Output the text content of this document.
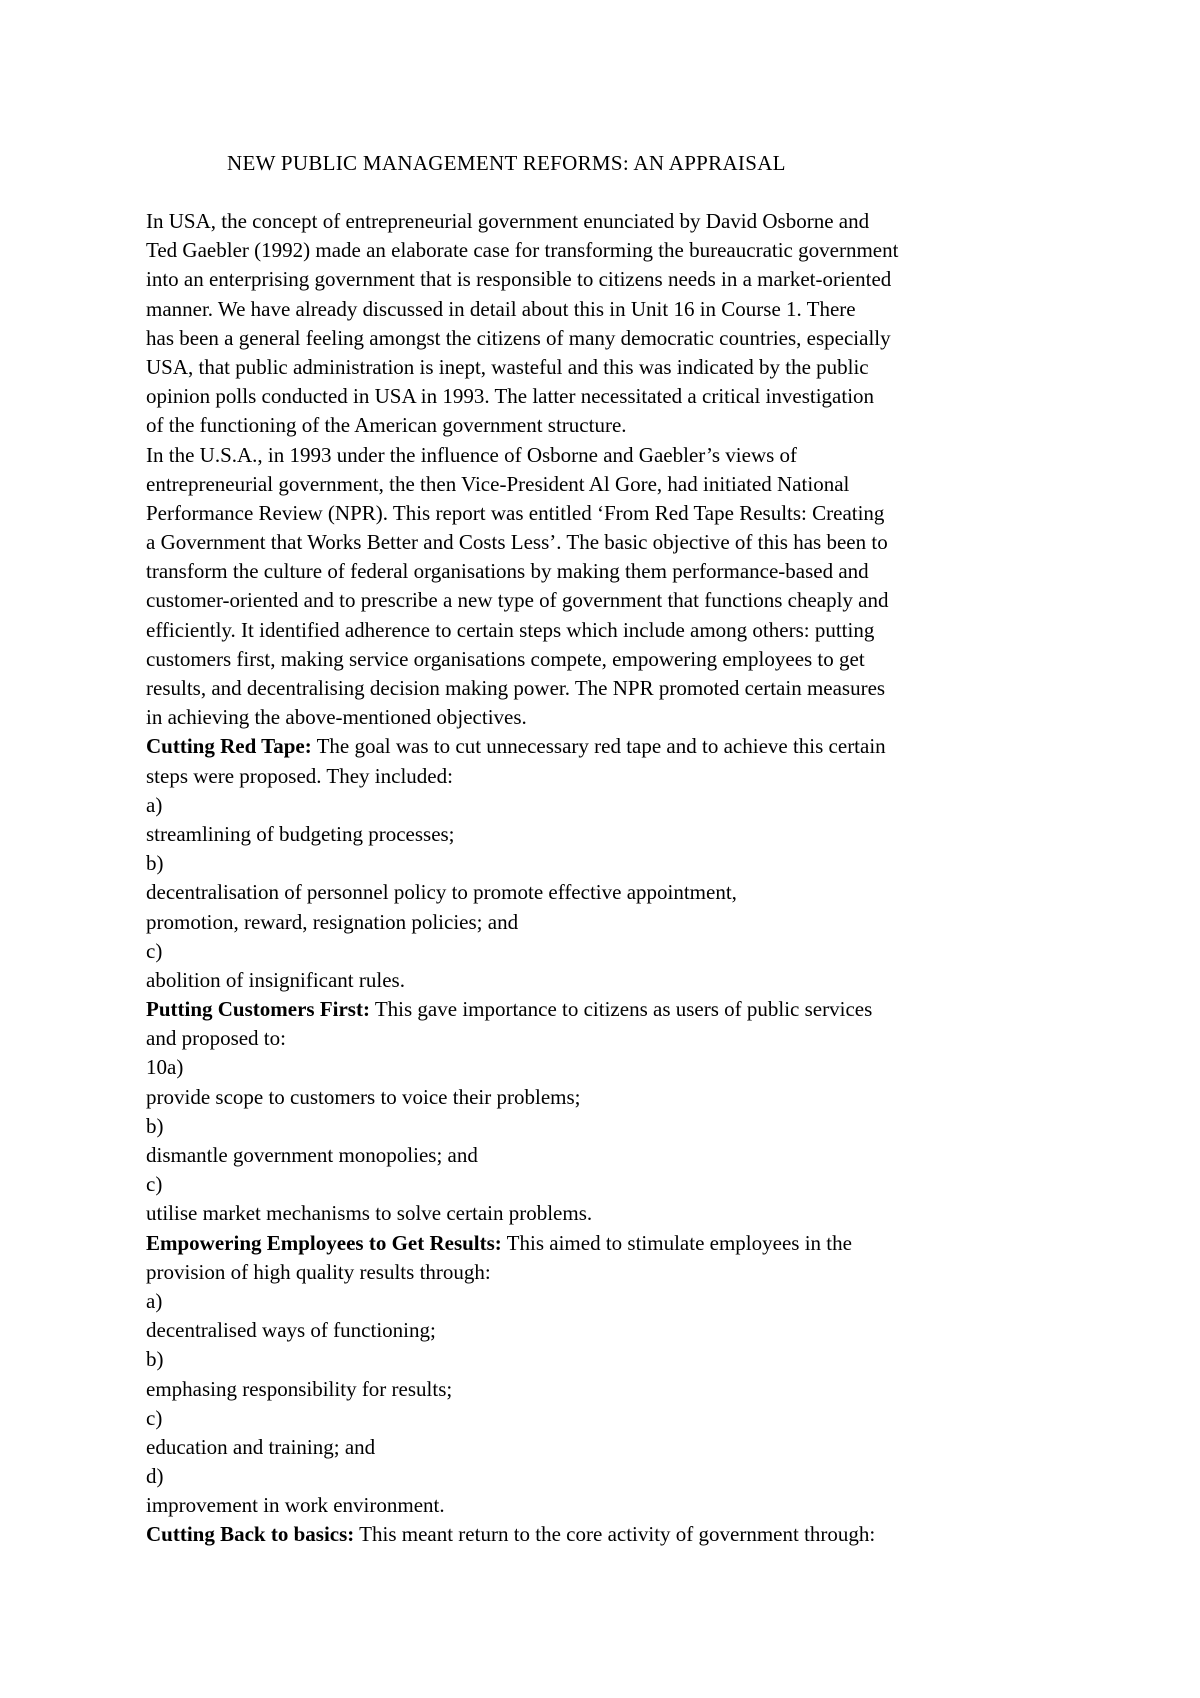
NEW PUBLIC MANAGEMENT REFORMS: AN APPRAISAL
In USA, the concept of entrepreneurial government enunciated by David Osborne and
Ted Gaebler (1992) made an elaborate case for transforming the bureaucratic government
into an enterprising government that is responsible to citizens needs in a market-oriented
manner. We have already discussed in detail about this in Unit 16 in Course 1. There
has been a general feeling amongst the citizens of many democratic countries, especially
USA, that public administration is inept, wasteful and this was indicated by the public
opinion polls conducted in USA in 1993. The latter necessitated a critical investigation
of the functioning of the American government structure.
In the U.S.A., in 1993 under the influence of Osborne and Gaebler’s views of
entrepreneurial government, the then Vice-President Al Gore, had initiated National
Performance Review (NPR). This report was entitled ‘From Red Tape Results: Creating
a Government that Works Better and Costs Less’. The basic objective of this has been to
transform the culture of federal organisations by making them performance-based and
customer-oriented and to prescribe a new type of government that functions cheaply and
efficiently. It identified adherence to certain steps which include among others: putting
customers first, making service organisations compete, empowering employees to get
results, and decentralising decision making power. The NPR promoted certain measures
in achieving the above-mentioned objectives.
Cutting Red Tape: The goal was to cut unnecessary red tape and to achieve this certain
steps were proposed. They included:
a)
streamlining of budgeting processes;
b)
decentralisation of personnel policy to promote effective appointment,
promotion, reward, resignation policies; and
c)
abolition of insignificant rules.
Putting Customers First: This gave importance to citizens as users of public services
and proposed to:
10a)
provide scope to customers to voice their problems;
b)
dismantle government monopolies; and
c)
utilise market mechanisms to solve certain problems.
Empowering Employees to Get Results: This aimed to stimulate employees in the
provision of high quality results through:
a)
decentralised ways of functioning;
b)
emphasing responsibility for results;
c)
education and training; and
d)
improvement in work environment.
Cutting Back to basics: This meant return to the core activity of government through:
